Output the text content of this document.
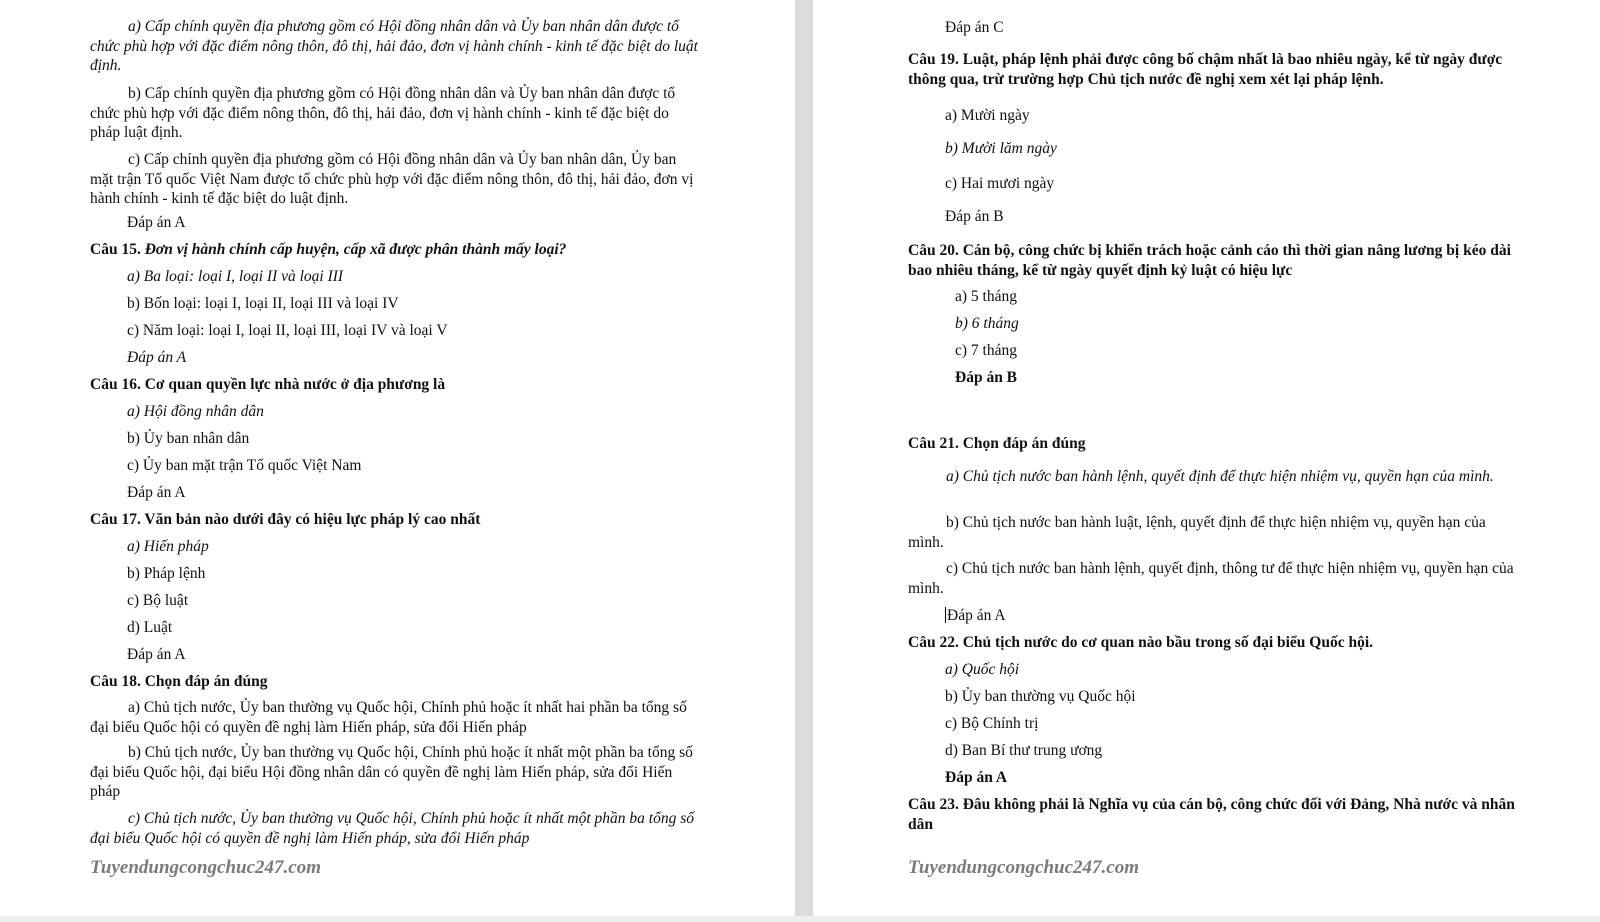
a) Cấp chính quyền địa phương gồm có Hội đồng nhân dân và Ủy ban nhân dân được tổ chức phù hợp với đặc điểm nông thôn, đô thị, hải đảo, đơn vị hành chính - kinh tế đặc biệt do luật định.

b) Cấp chính quyền địa phương gồm có Hội đồng nhân dân và Ủy ban nhân dân được tổ chức phù hợp với đặc điểm nông thôn, đô thị, hải đảo, đơn vị hành chính - kinh tế đặc biệt do pháp luật định.

c) Cấp chính quyền địa phương gồm có Hội đồng nhân dân và Ủy ban nhân dân, Ủy ban mặt trận Tổ quốc Việt Nam được tổ chức phù hợp với đặc điểm nông thôn, đô thị, hải đảo, đơn vị hành chính - kinh tế đặc biệt do luật định.

Đáp án A

Câu 15. Đơn vị hành chính cấp huyện, cấp xã được phân thành mấy loại?

a) Ba loại: loại I, loại II và loại III

b) Bốn loại: loại I, loại II, loại III và loại IV

c) Năm loại: loại I, loại II, loại III, loại IV và loại V

Đáp án A

Câu 16. Cơ quan quyền lực nhà nước ở địa phương là

a) Hội đồng nhân dân

b) Ủy ban nhân dân

c) Ủy ban mặt trận Tổ quốc Việt Nam

Đáp án A

Câu 17. Văn bản nào dưới đây có hiệu lực pháp lý cao nhất

a) Hiến pháp

b) Pháp lệnh

c) Bộ luật

d) Luật

Đáp án A

Câu 18. Chọn đáp án đúng

a) Chủ tịch nước, Ủy ban thường vụ Quốc hội, Chính phủ hoặc ít nhất hai phần ba tổng số đại biểu Quốc hội có quyền đề nghị làm Hiến pháp, sửa đổi Hiến pháp

b) Chủ tịch nước, Ủy ban thường vụ Quốc hội, Chính phủ hoặc ít nhất một phần ba tổng số đại biểu Quốc hội, đại biểu Hội đồng nhân dân có quyền đề nghị làm Hiến pháp, sửa đổi Hiến pháp

c) Chủ tịch nước, Ủy ban thường vụ Quốc hội, Chính phủ hoặc ít nhất một phần ba tổng số đại biểu Quốc hội có quyền đề nghị làm Hiến pháp, sửa đổi Hiến pháp

Tuyendungcongchuc247.com

Đáp án C

Câu 19. Luật, pháp lệnh phải được công bố chậm nhất là bao nhiêu ngày, kể từ ngày được thông qua, trừ trường hợp Chủ tịch nước đề nghị xem xét lại pháp lệnh.

a) Mười ngày

b) Mười lăm ngày

c) Hai mươi ngày

Đáp án B

Câu 20. Cán bộ, công chức bị khiển trách hoặc cảnh cáo thì thời gian nâng lương bị kéo dài bao nhiêu tháng, kể từ ngày quyết định kỷ luật có hiệu lực

a) 5 tháng

b) 6 tháng

c) 7 tháng

Đáp án B

Câu 21. Chọn đáp án đúng

a) Chủ tịch nước ban hành lệnh, quyết định để thực hiện nhiệm vụ, quyền hạn của mình.

b) Chủ tịch nước ban hành luật, lệnh, quyết định để thực hiện nhiệm vụ, quyền hạn của mình.

c) Chủ tịch nước ban hành lệnh, quyết định, thông tư để thực hiện nhiệm vụ, quyền hạn của mình.

Đáp án A

Câu 22. Chủ tịch nước do cơ quan nào bầu trong số đại biểu Quốc hội.

a) Quốc hội

b) Ủy ban thường vụ Quốc hội

c) Bộ Chính trị

d) Ban Bí thư trung ương

Đáp án A

Câu 23. Đâu không phải là Nghĩa vụ của cán bộ, công chức đối với Đảng, Nhà nước và nhân dân

Tuyendungcongchuc247.com
